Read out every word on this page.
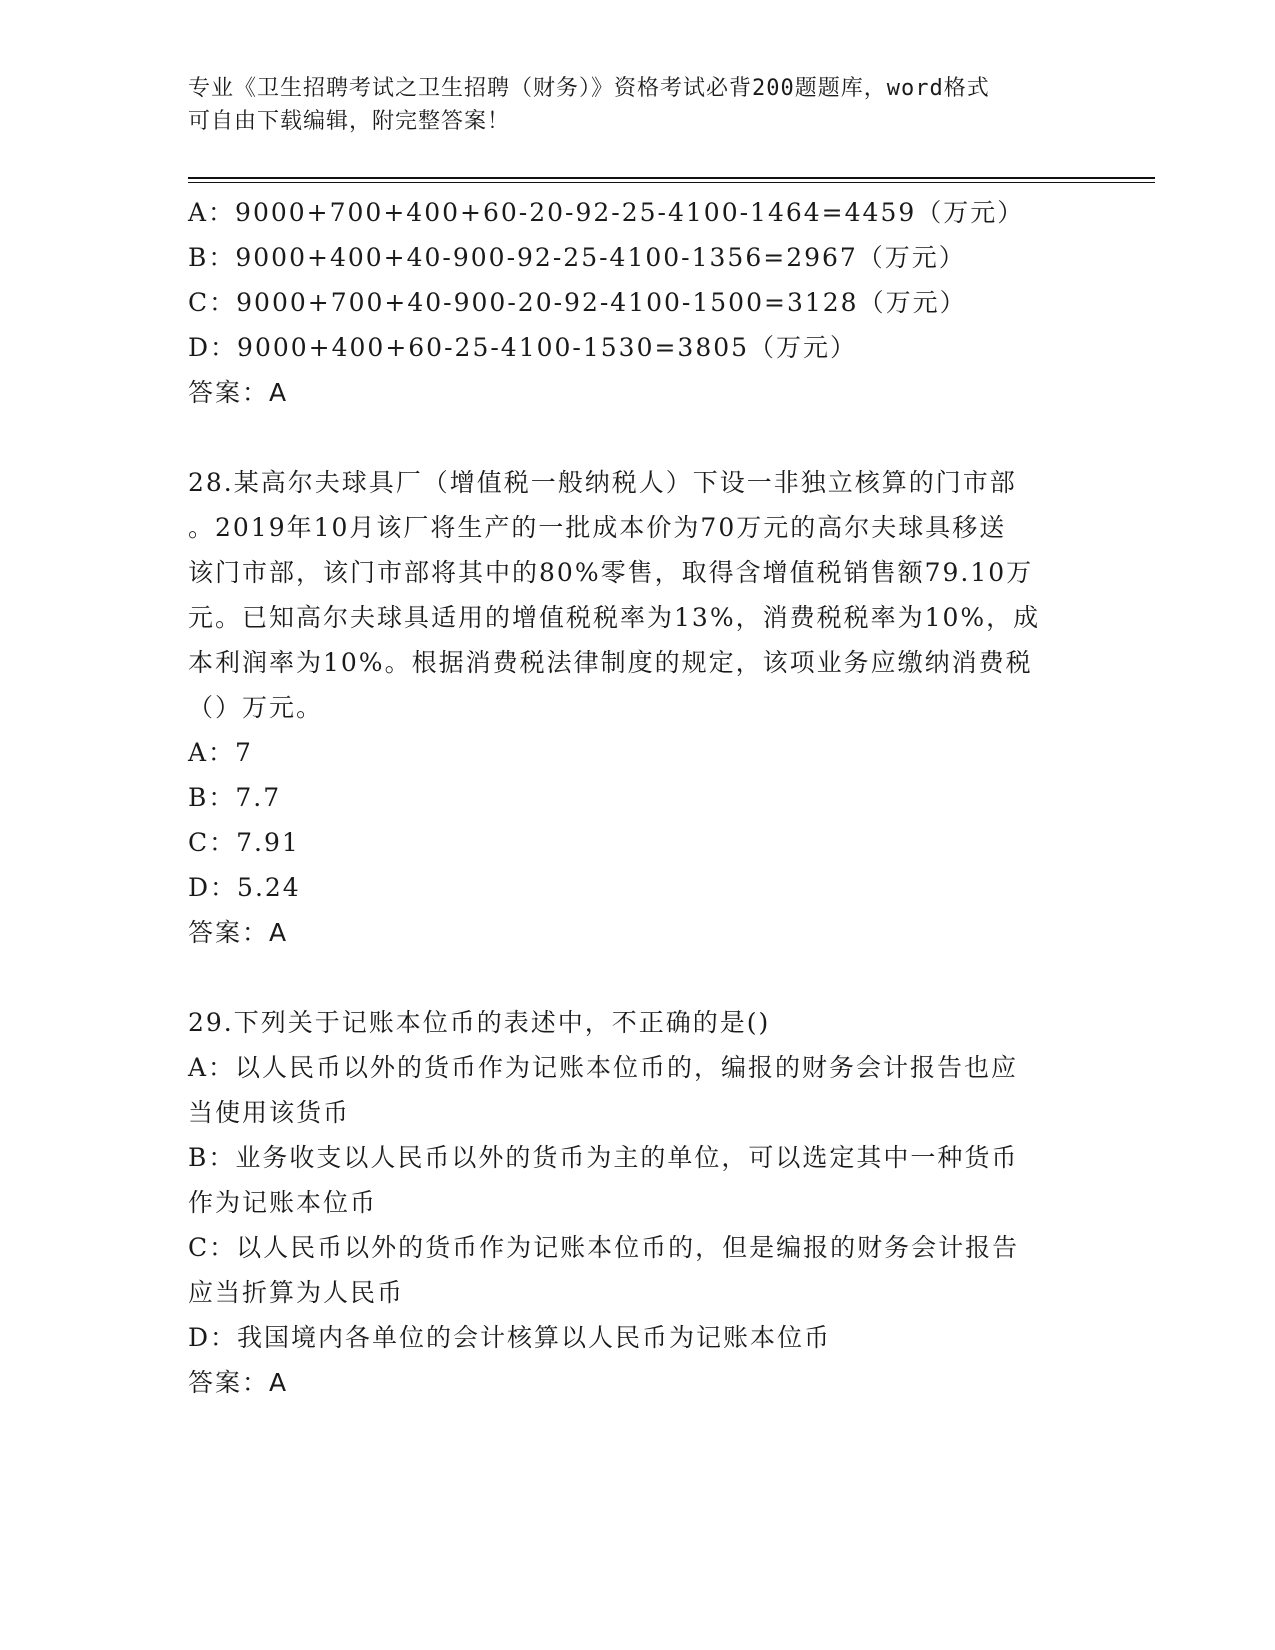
专业《卫生招聘考试之卫生招聘（财务）》资格考试必背200题题库，word格式
可自由下载编辑，附完整答案！
A：9000+700+400+60-20-92-25-4100-1464=4459（万元）
B：9000+400+40-900-92-25-4100-1356=2967（万元）
C：9000+700+40-900-20-92-4100-1500=3128（万元）
D：9000+400+60-25-4100-1530=3805（万元）
答案：A
28.某高尔夫球具厂（增值税一般纳税人）下设一非独立核算的门市部
。2019年10月该厂将生产的一批成本价为70万元的高尔夫球具移送
该门市部，该门市部将其中的80%零售，取得含增值税销售额79.10万
元。已知高尔夫球具适用的增值税税率为13%，消费税税率为10%，成
本利润率为10%。根据消费税法律制度的规定，该项业务应缴纳消费税
（）万元。
A：7
B：7.7
C：7.91
D：5.24
答案：A
29.下列关于记账本位币的表述中，不正确的是()
A：以人民币以外的货币作为记账本位币的，编报的财务会计报告也应
当使用该货币
B：业务收支以人民币以外的货币为主的单位，可以选定其中一种货币
作为记账本位币
C：以人民币以外的货币作为记账本位币的，但是编报的财务会计报告
应当折算为人民币
D：我国境内各单位的会计核算以人民币为记账本位币
答案：A
